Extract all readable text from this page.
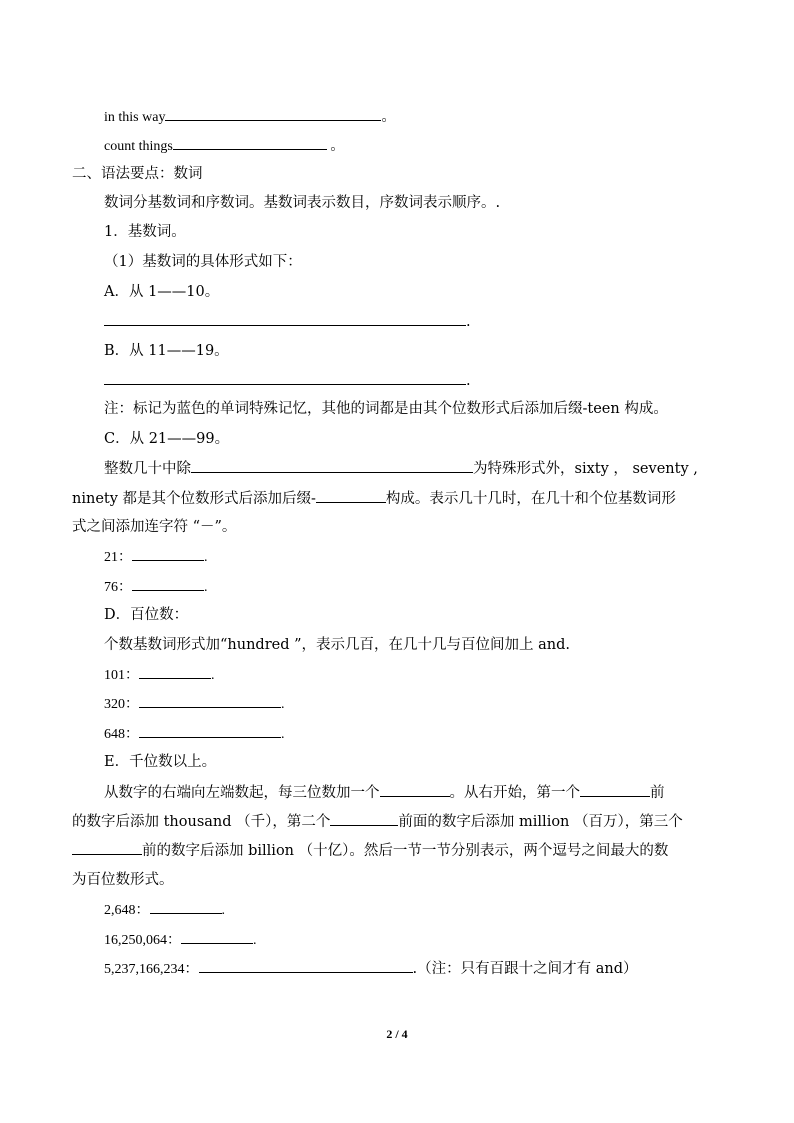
in this way	。
count things	。
二、语法要点：数词
数词分基数词和序数词。基数词表示数目，序数词表示顺序。.
1．基数词。
（1）基数词的具体形式如下：
A．从 1——10。
.
B．从 11——19。
.
注：标记为蓝色的单词特殊记忆，其他的词都是由其个位数形式后添加后缀-teen 构成。
C．从 21——99。
整数几十中除	为特殊形式外，sixty ， seventy ,
ninety 都是其个位数形式后添加后缀-	构成。表示几十几时，在几十和个位基数词形
式之间添加连字符 “－”。
21：	.
76：	.
D．百位数：
个数基数词形式加“hundred ”，表示几百，在几十几与百位间加上 and.
101：	.
320：	.
648：	.
E．千位数以上。
从数字的右端向左端数起，每三位数加一个	。从右开始，第一个	前
的数字后添加 thousand （千），第二个	前面的数字后添加 million （百万），第三个
前的数字后添加 billion （十亿）。然后一节一节分别表示，两个逗号之间最大的数
为百位数形式。
2,648：	.
16,250,064：	.
5,237,166,234：	.（注：只有百跟十之间才有 and）
2 / 4
